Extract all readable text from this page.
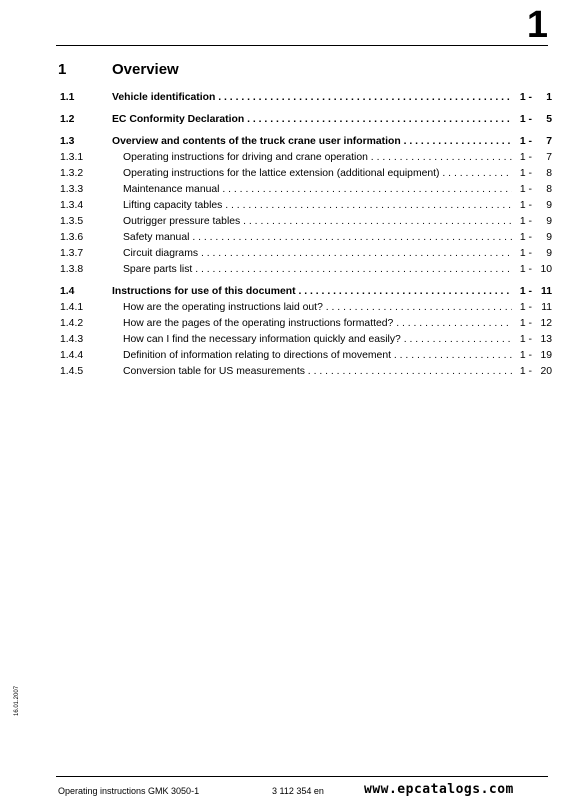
1
1	Overview
1.1	Vehicle identification . . .	1 -	1
1.2	EC Conformity Declaration . . .	1 -	5
1.3	Overview and contents of the truck crane user information . . .	1 -	7
1.3.1	Operating instructions for driving and crane operation . . .	1 -	7
1.3.2	Operating instructions for the lattice extension (additional equipment) . . .	1 -	8
1.3.3	Maintenance manual . . .	1 -	8
1.3.4	Lifting capacity tables . . .	1 -	9
1.3.5	Outrigger pressure tables . . .	1 -	9
1.3.6	Safety manual . . .	1 -	9
1.3.7	Circuit diagrams . . .	1 -	9
1.3.8	Spare parts list . . .	1 - 10
1.4	Instructions for use of this document . . .	1 - 11
1.4.1	How are the operating instructions laid out? . . .	1 - 11
1.4.2	How are the pages of the operating instructions formatted? . . .	1 - 12
1.4.3	How can I find the necessary information quickly and easily? . . .	1 - 13
1.4.4	Definition of information relating to directions of movement . . .	1 - 19
1.4.5	Conversion table for US measurements . . .	1 - 20
16.01.2007
Operating instructions GMK 3050-1	3 112 354 en	www.epcatalogs.com
